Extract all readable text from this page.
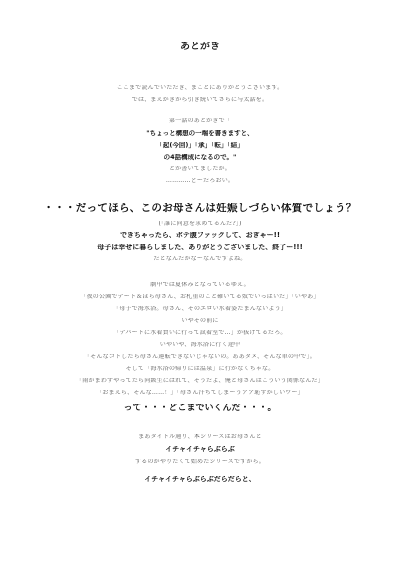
あとがき
ここまで読んでいただき、まことにありがとうございます。
では、まえがきから引き続いてさらに与太話を。
第一話のあとがきで「
"ちょっと構想の一端を書きますと、
「起(今回)」「承」「転」「結」
の4話構成になるので。"
とか書いてましたが。
…………どーだろおい。
・・・だってほら、このお母さんは妊娠しづらい体質でしょう？
(「誰に同意を求めてるんだ?」)
できちゃったら、ボテ腹ファックして、おぎゃー!!
母子は幸せに暮らしました、ありがとうございました、終了ー!!!
だとなんだかなーなんですよね。
劇中では夏休みとなっているゆえ。
「夜の公園でデート＆ほら母さん、お札重のこと確いてる奴でいっぱいだ」「いやあ」
「母子で海水浴。母さん、そのエロい水着姿たまんないよう」
いやその前に
「デパートに水着買いに行って試着室で…」が抜けてるだろ。
いやいや、海水浴に行く途中
「そんなコトしたら母さん運転できないじゃないの。ああダメ、そんな車の中で」。
そして「海水浴の帰りには温泉」に行かなくちゃな。
「雨がまわずやってたら同級生にばれて、そうだよ、俺と母さんはこういう関係なんだ」
「おまえら、そんな……！」「母さん汗ちてしまーうアア恥ずかしいワー」
って・・・どこまでいくんだ・・・。
まあタイトル通り、本シリーズはお母さんと
イチャイチャらぶらぶ
するのがやりたくて始めたシリーズですから。
イチャイチャらぶらぶだらだらと、
